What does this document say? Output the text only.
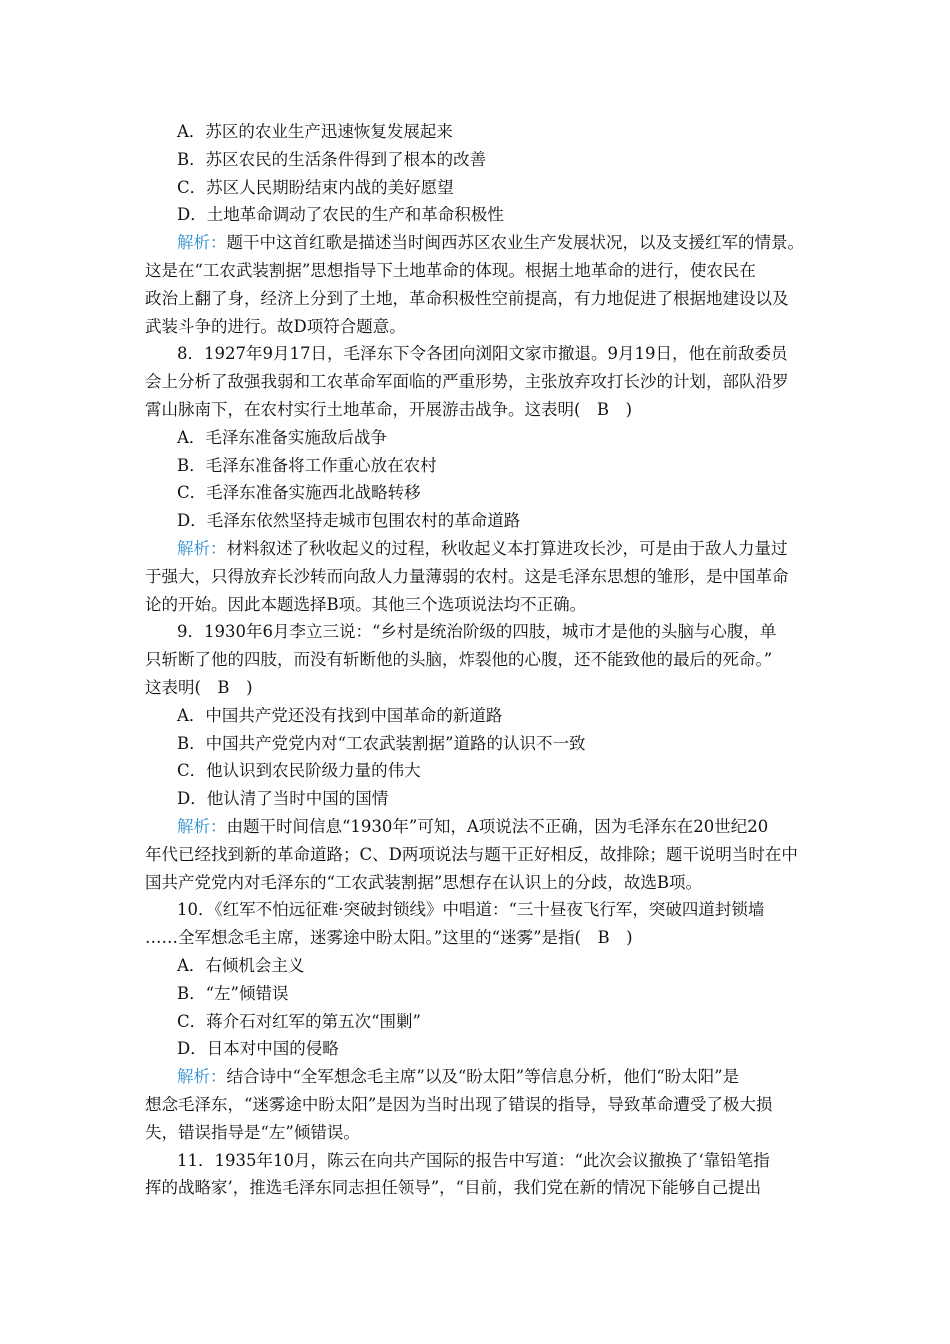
A．苏区的农业生产迅速恢复发展起来
B．苏区农民的生活条件得到了根本的改善
C．苏区人民期盼结束内战的美好愿望
D．土地革命调动了农民的生产和革命积极性
解析：题干中这首红歌是描述当时闽西苏区农业生产发展状况，以及支援红军的情景。
这是在“工农武装割据”思想指导下土地革命的体现。根据土地革命的进行，使农民在
政治上翻了身，经济上分到了土地，革命积极性空前提高，有力地促进了根据地建设以及
武装斗争的进行。故D项符合题意。
8．1927年9月17日，毛泽东下令各团向浏阳文家市撤退。9月19日，他在前敌委员
会上分析了敌强我弱和工农革命军面临的严重形势，主张放弃攻打长沙的计划，部队沿罗
霄山脉南下，在农村实行土地革命，开展游击战争。这表明(　B　)
A．毛泽东准备实施敌后战争
B．毛泽东准备将工作重心放在农村
C．毛泽东准备实施西北战略转移
D．毛泽东依然坚持走城市包围农村的革命道路
解析：材料叙述了秋收起义的过程，秋收起义本打算进攻长沙，可是由于敌人力量过
于强大，只得放弃长沙转而向敌人力量薄弱的农村。这是毛泽东思想的雏形，是中国革命
论的开始。因此本题选择B项。其他三个选项说法均不正确。
9．1930年6月李立三说：“乡村是统治阶级的四肢，城市才是他的头脑与心腹，单
只斩断了他的四肢，而没有斩断他的头脑，炸裂他的心腹，还不能致他的最后的死命。”
这表明(　B　)
A．中国共产党还没有找到中国革命的新道路
B．中国共产党党内对“工农武装割据”道路的认识不一致
C．他认识到农民阶级力量的伟大
D．他认清了当时中国的国情
解析：由题干时间信息“1930年”可知，A项说法不正确，因为毛泽东在20世纪20
年代已经找到新的革命道路；C、D两项说法与题干正好相反，故排除；题干说明当时在中
国共产党党内对毛泽东的“工农武装割据”思想存在认识上的分歧，故选B项。
10．《红军不怕远征难·突破封锁线》中唱道：“三十昼夜飞行军，突破四道封锁墙
……全军想念毛主席，迷雾途中盼太阳。”这里的“迷雾”是指(　B　)
A．右倾机会主义
B．“左”倾错误
C．蒋介石对红军的第五次“围剿”
D．日本对中国的侵略
解析：结合诗中“全军想念毛主席”以及“盼太阳”等信息分析，他们“盼太阳”是
想念毛泽东，“迷雾途中盼太阳”是因为当时出现了错误的指导，导致革命遭受了极大损
失，错误指导是“左”倾错误。
11．1935年10月，陈云在向共产国际的报告中写道：“此次会议撤换了‘靠铅笔指
挥的战略家’，推选毛泽东同志担任领导”，“目前，我们党在新的情况下能够自己提出
